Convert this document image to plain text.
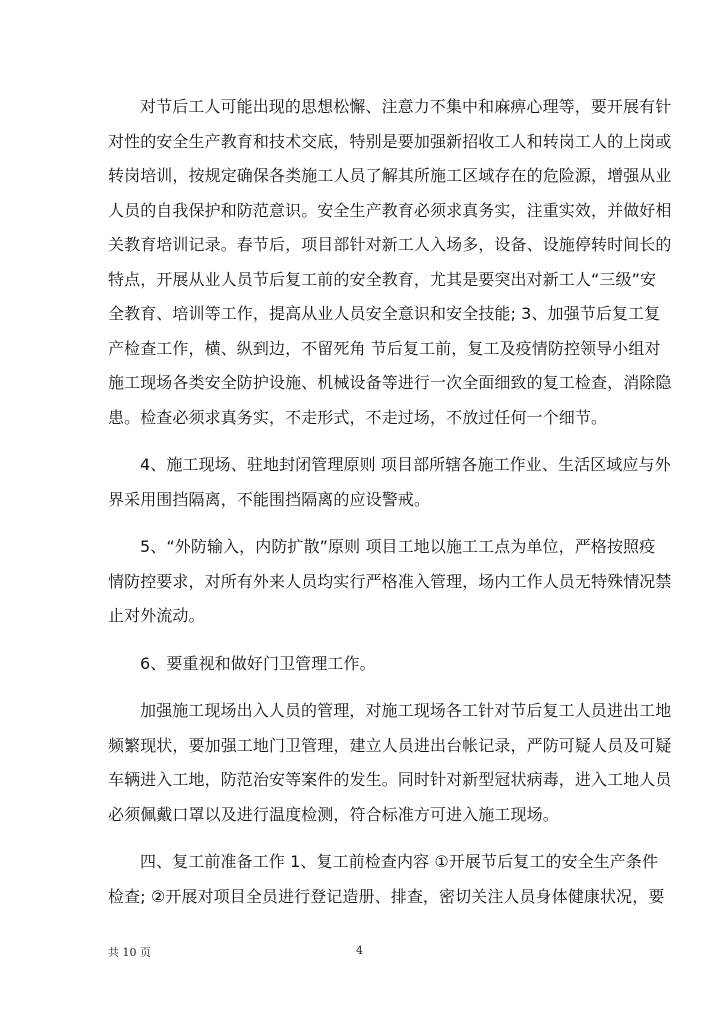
对节后工人可能出现的思想松懈、注意力不集中和麻痹心理等，要开展有针
对性的安全生产教育和技术交底，特别是要加强新招收工人和转岗工人的上岗或
转岗培训，按规定确保各类施工人员了解其所施工区域存在的危险源，增强从业
人员的自我保护和防范意识。安全生产教育必须求真务实，注重实效，并做好相
关教育培训记录。春节后，项目部针对新工人入场多，设备、设施停转时间长的
特点，开展从业人员节后复工前的安全教育，尤其是要突出对新工人“三级”安
全教育、培训等工作，提高从业人员安全意识和安全技能; 3、加强节后复工复
产检查工作，横、纵到边，不留死角 节后复工前，复工及疫情防控领导小组对
施工现场各类安全防护设施、机械设备等进行一次全面细致的复工检查，消除隐
患。检查必须求真务实，不走形式，不走过场，不放过任何一个细节。
4、施工现场、驻地封闭管理原则 项目部所辖各施工作业、生活区域应与外
界采用围挡隔离，不能围挡隔离的应设警戒。
5、“外防输入，内防扩散”原则 项目工地以施工工点为单位，严格按照疫
情防控要求，对所有外来人员均实行严格准入管理，场内工作人员无特殊情况禁
止对外流动。
6、要重视和做好门卫管理工作。
加强施工现场出入人员的管理，对施工现场各工针对节后复工人员进出工地
频繁现状，要加强工地门卫管理，建立人员进出台帐记录，严防可疑人员及可疑
车辆进入工地，防范治安等案件的发生。同时针对新型冠状病毒，进入工地人员
必须佩戴口罩以及进行温度检测，符合标准方可进入施工现场。
四、复工前准备工作 1、复工前检查内容 ①开展节后复工的安全生产条件
检查; ②开展对项目全员进行登记造册、排查，密切关注人员身体健康状况，要
共 10 页	4
